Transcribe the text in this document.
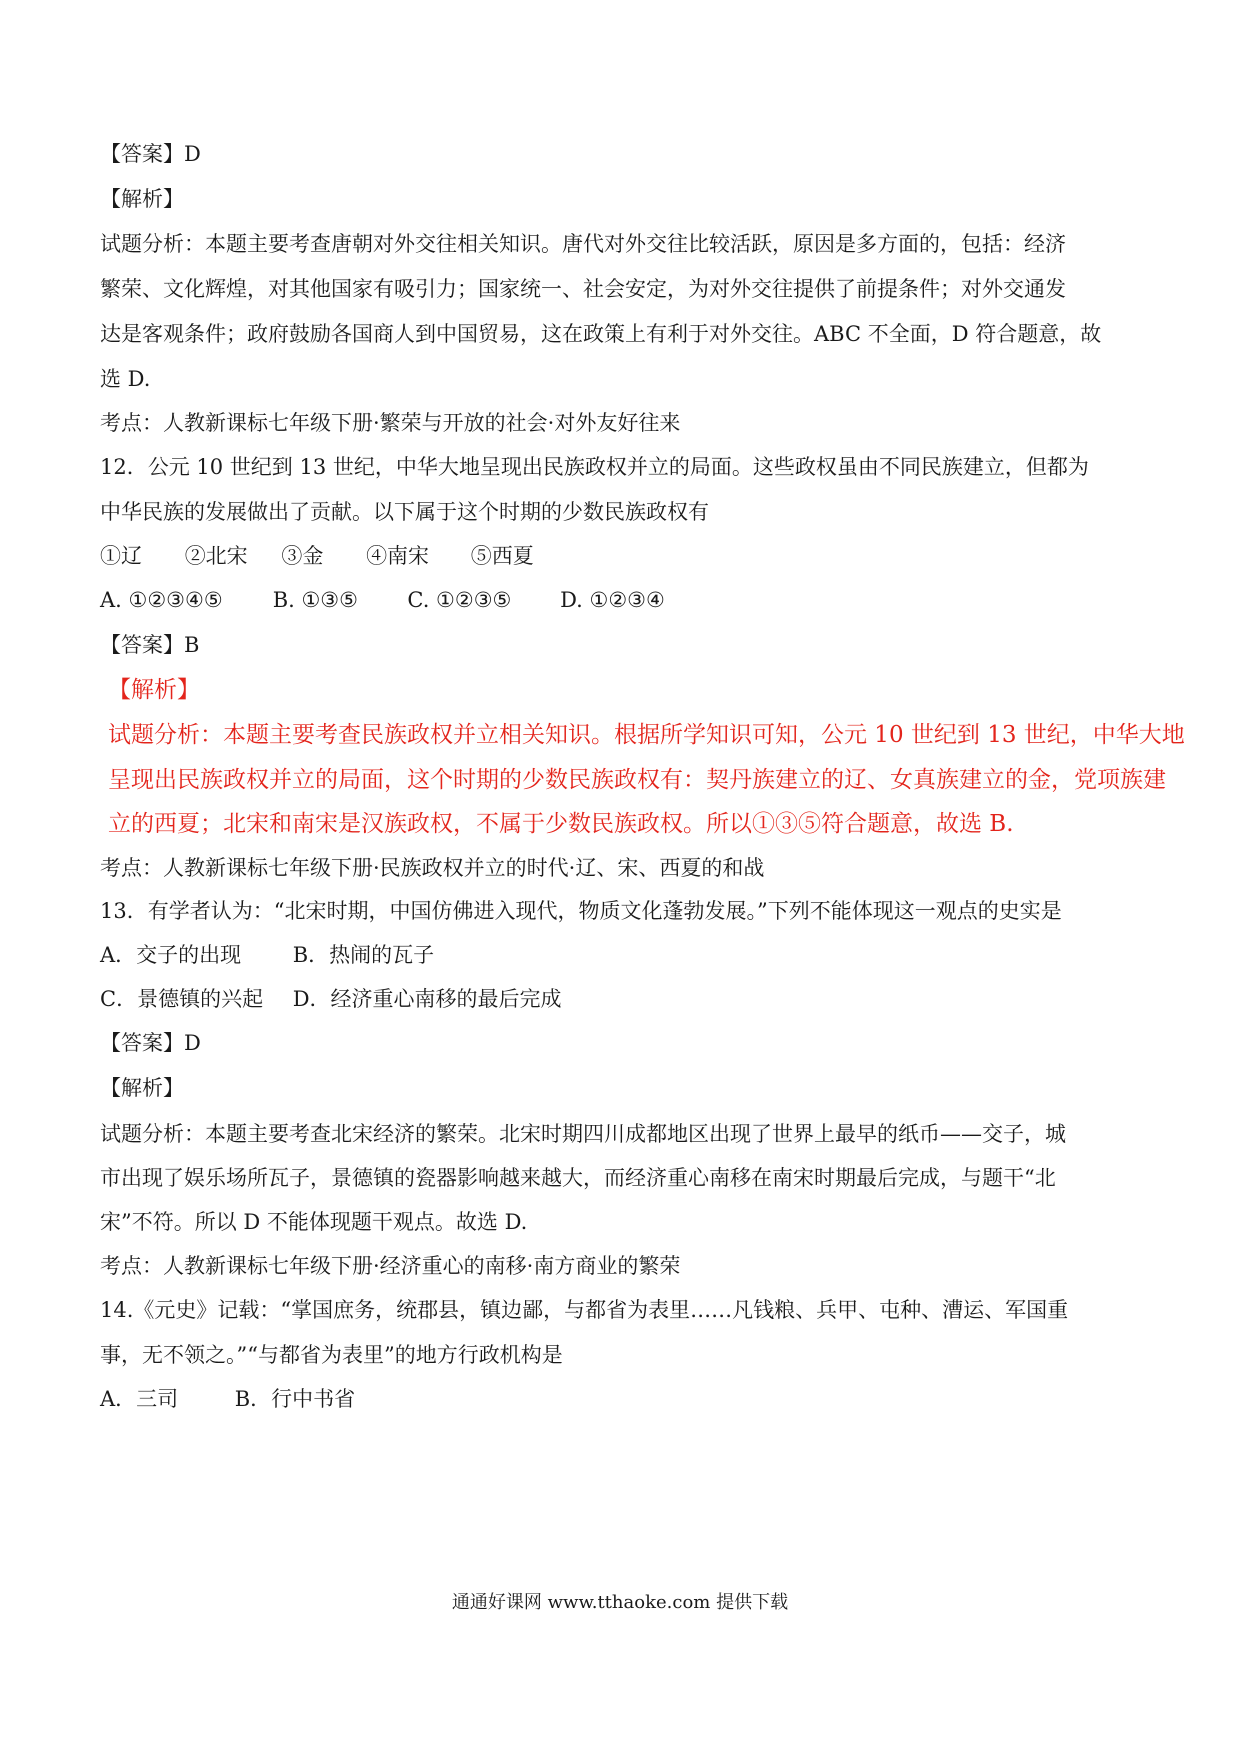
【答案】D
【解析】
试题分析：本题主要考查唐朝对外交往相关知识。唐代对外交往比较活跃，原因是多方面的，包括：经济
繁荣、文化辉煌，对其他国家有吸引力；国家统一、社会安定，为对外交往提供了前提条件；对外交通发
达是客观条件；政府鼓励各国商人到中国贸易，这在政策上有利于对外交往。ABC 不全面，D 符合题意，故
选 D.
考点：人教新课标七年级下册·繁荣与开放的社会·对外友好往来
12．公元 10 世纪到 13 世纪，中华大地呈现出民族政权并立的局面。这些政权虽由不同民族建立，但都为
中华民族的发展做出了贡献。以下属于这个时期的少数民族政权有
①辽 ②北宋 ③金 ④南宋 ⑤西夏
A. ①②③④⑤ B. ①③⑤ C. ①②③⑤ D. ①②③④
【答案】B
【解析】
试题分析：本题主要考查民族政权并立相关知识。根据所学知识可知，公元 10 世纪到 13 世纪，中华大地
呈现出民族政权并立的局面，这个时期的少数民族政权有：契丹族建立的辽、女真族建立的金，党项族建
立的西夏；北宋和南宋是汉族政权，不属于少数民族政权。所以①③⑤符合题意，故选 B.
考点：人教新课标七年级下册·民族政权并立的时代·辽、宋、西夏的和战
13．有学者认为：“北宋时期，中国仿佛进入现代，物质文化蓬勃发展。”下列不能体现这一观点的史实是
A．交子的出现 B．热闹的瓦子
C．景德镇的兴起 D．经济重心南移的最后完成
【答案】D
【解析】
试题分析：本题主要考查北宋经济的繁荣。北宋时期四川成都地区出现了世界上最早的纸币——交子，城
市出现了娱乐场所瓦子，景德镇的瓷器影响越来越大，而经济重心南移在南宋时期最后完成，与题干“北
宋”不符。所以 D 不能体现题干观点。故选 D.
考点：人教新课标七年级下册·经济重心的南移·南方商业的繁荣
14.《元史》记载：“掌国庶务，统郡县，镇边鄙，与都省为表里……凡钱粮、兵甲、屯种、漕运、军国重
事，无不领之。”“与都省为表里”的地方行政机构是
A．三司	B．行中书省
通通好课网 www.tthaoke.com 提供下载
